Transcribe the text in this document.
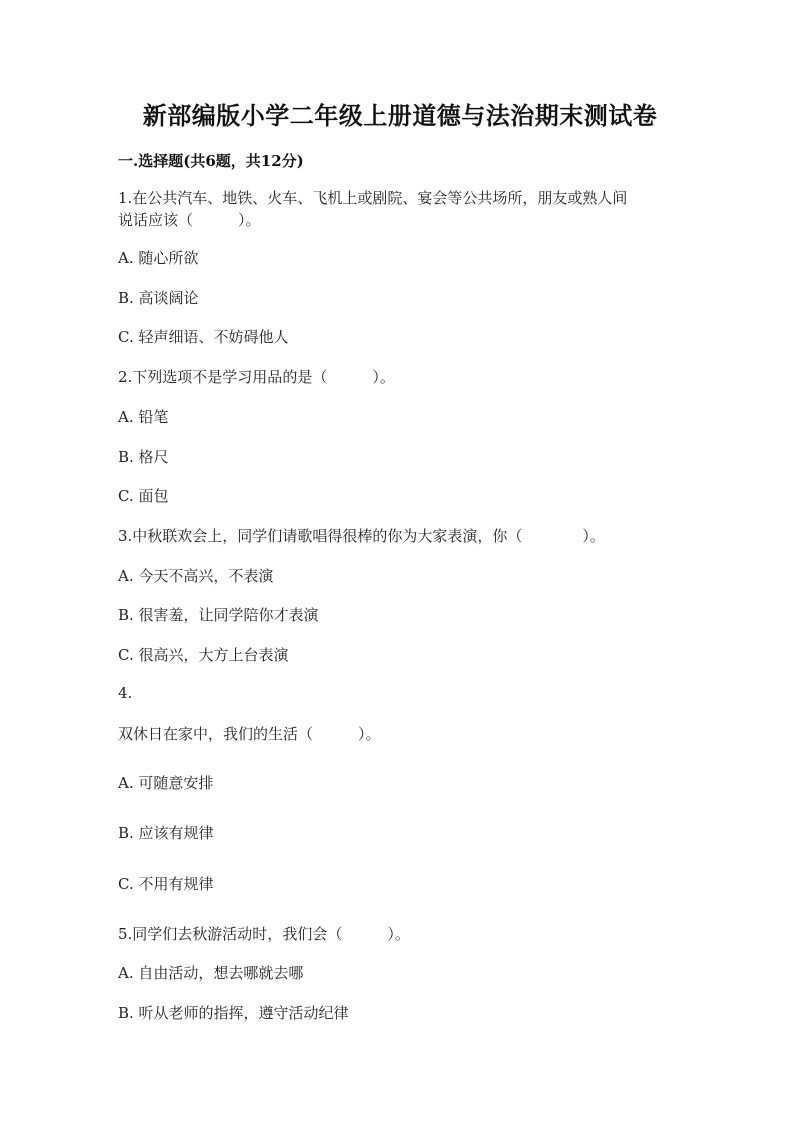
新部编版小学二年级上册道德与法治期末测试卷
一.选择题(共6题，共12分)
1.在公共汽车、地铁、火车、飞机上或剧院、宴会等公共场所，朋友或熟人间
说话应该（　　　）。
A. 随心所欲
B. 高谈阔论
C. 轻声细语、不妨碍他人
2.下列选项不是学习用品的是（　　　）。
A. 铅笔
B. 格尺
C. 面包
3.中秋联欢会上，同学们请歌唱得很棒的你为大家表演，你（　　　　）。
A. 今天不高兴，不表演
B. 很害羞，让同学陪你才表演
C. 很高兴，大方上台表演
4.
双休日在家中，我们的生活（　　　）。
A. 可随意安排
B. 应该有规律
C. 不用有规律
5.同学们去秋游活动时，我们会（　　　）。
A. 自由活动，想去哪就去哪
B. 听从老师的指挥，遵守活动纪律
